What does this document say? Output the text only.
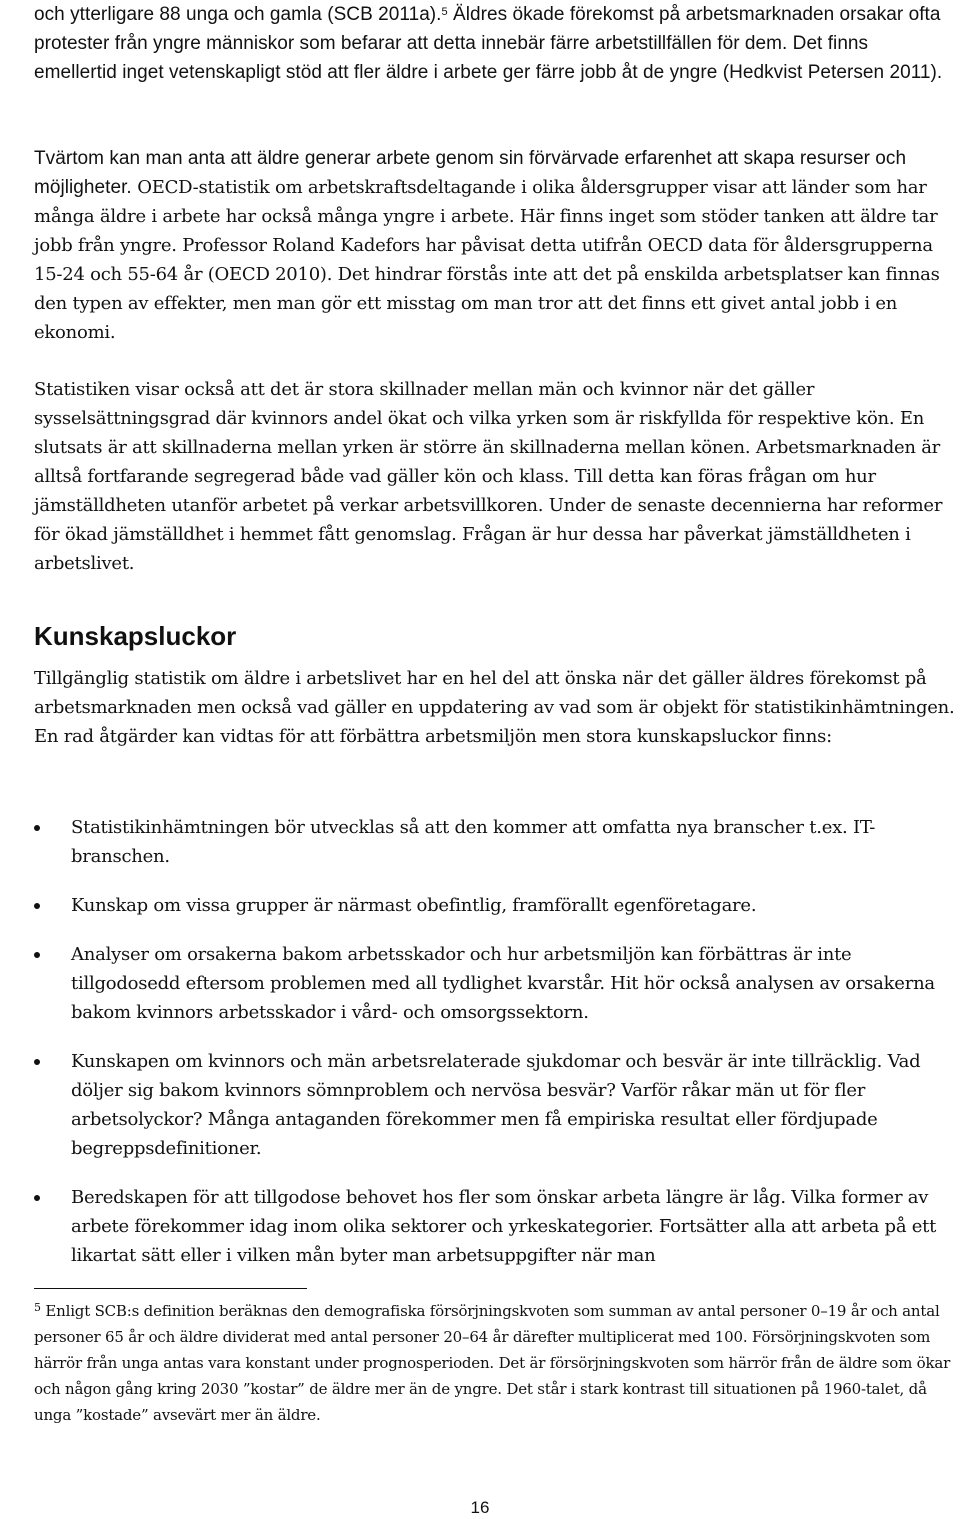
och ytterligare 88 unga och gamla (SCB 2011a).$^5$ Äldres ökade förekomst på arbetsmarknaden orsakar ofta protester från yngre människor som befarar att detta innebär färre arbetstillfällen för dem. Det finns emellertid inget vetenskapligt stöd att fler äldre i arbete ger färre jobb åt de yngre (Hedkvist Petersen 2011).

Tvärtom kan man anta att äldre generar arbete genom sin förvärvade erfarenhet att skapa resurser och möjligheter. OECD-statistik om arbetskraftsdeltagande i olika åldersgrupper visar att länder som har många äldre i arbete har också många yngre i arbete. Här finns inget som stöder tanken att äldre tar jobb från yngre. Professor Roland Kadefors har påvisat detta utifrån OECD data för åldersgrupperna 15-24 och 55-64 år (OECD 2010). Det hindrar förstås inte att det på enskilda arbetsplatser kan finnas den typen av effekter, men man gör ett misstag om man tror att det finns ett givet antal jobb i en ekonomi.

Statistiken visar också att det är stora skillnader mellan män och kvinnor när det gäller sysselsättningsgrad där kvinnors andel ökat och vilka yrken som är riskfyllda för respektive kön. En slutsats är att skillnaderna mellan yrken är större än skillnaderna mellan könen. Arbetsmarknaden är alltså fortfarande segregerad både vad gäller kön och klass. Till detta kan föras frågan om hur jämställdheten utanför arbetet på verkar arbetsvillkoren. Under de senaste decennierna har reformer för ökad jämställdhet i hemmet fått genomslag. Frågan är hur dessa har påverkat jämställdheten i arbetslivet.

Kunskapsluckor

Tillgänglig statistik om äldre i arbetslivet har en hel del att önska när det gäller äldres förekomst på arbetsmarknaden men också vad gäller en uppdatering av vad som är objekt för statistikinhämtningen. En rad åtgärder kan vidtas för att förbättra arbetsmiljön men stora kunskapsluckor finns:

Statistikinhämtningen bör utvecklas så att den kommer att omfatta nya branscher t.ex. IT-branschen.
Kunskap om vissa grupper är närmast obefintlig, framförallt egenföretagare.
Analyser om orsakerna bakom arbetsskador och hur arbetsmiljön kan förbättras är inte tillgodosedd eftersom problemen med all tydlighet kvarstår. Hit hör också analysen av orsakerna bakom kvinnors arbetsskador i vård- och omsorgssektorn.
Kunskapen om kvinnors och män arbetsrelaterade sjukdomar och besvär är inte tillräcklig. Vad döljer sig bakom kvinnors sömnproblem och nervösa besvär? Varför råkar män ut för fler arbetsolyckor? Många antaganden förekommer men få empiriska resultat eller fördjupade begreppsdefinitioner.
Beredskapen för att tillgodose behovet hos fler som önskar arbeta längre är låg. Vilka former av arbete förekommer idag inom olika sektorer och yrkeskategorier. Fortsätter alla att arbeta på ett likartat sätt eller i vilken mån byter man arbetsuppgifter när man

$^5$ Enligt SCB:s definition beräknas den demografiska försörjningskvoten som summan av antal personer 0–19 år och antal personer 65 år och äldre dividerat med antal personer 20–64 år därefter multiplicerat med 100. Försörjningskvoten som härrör från unga antas vara konstant under prognosperioden. Det är försörjningskvoten som härrör från de äldre som ökar och någon gång kring 2030 ”kostar” de äldre mer än de yngre. Det står i stark kontrast till situationen på 1960-talet, då unga ”kostade” avsevärt mer än äldre.

16
